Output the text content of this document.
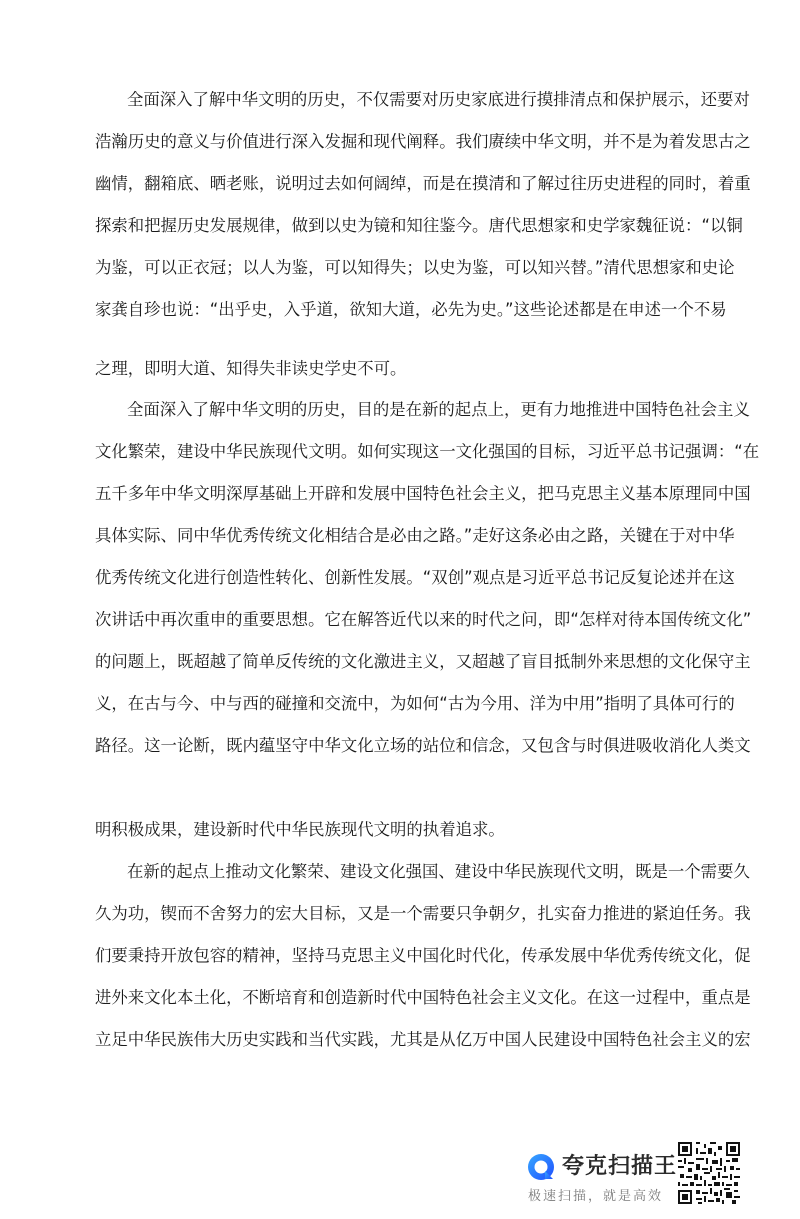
全面深入了解中华文明的历史，不仅需要对历史家底进行摸排清点和保护展示，还要对
浩瀚历史的意义与价值进行深入发掘和现代阐释。我们赓续中华文明，并不是为着发思古之
幽情，翻箱底、晒老账，说明过去如何阔绰，而是在摸清和了解过往历史进程的同时，着重
探索和把握历史发展规律，做到以史为镜和知往鉴今。唐代思想家和史学家魏征说：“以铜
为鉴，可以正衣冠；以人为鉴，可以知得失；以史为鉴，可以知兴替。”清代思想家和史论
家龚自珍也说：“出乎史，入乎道，欲知大道，必先为史。”这些论述都是在申述一个不易
之理，即明大道、知得失非读史学史不可。
全面深入了解中华文明的历史，目的是在新的起点上，更有力地推进中国特色社会主义
文化繁荣，建设中华民族现代文明。如何实现这一文化强国的目标，习近平总书记强调：“在
五千多年中华文明深厚基础上开辟和发展中国特色社会主义，把马克思主义基本原理同中国
具体实际、同中华优秀传统文化相结合是必由之路。”走好这条必由之路，关键在于对中华
优秀传统文化进行创造性转化、创新性发展。“双创”观点是习近平总书记反复论述并在这
次讲话中再次重申的重要思想。它在解答近代以来的时代之问，即“怎样对待本国传统文化”
的问题上，既超越了简单反传统的文化激进主义，又超越了盲目抵制外来思想的文化保守主
义，在古与今、中与西的碰撞和交流中，为如何“古为今用、洋为中用”指明了具体可行的
路径。这一论断，既内蕴坚守中华文化立场的站位和信念，又包含与时俱进吸收消化人类文
明积极成果，建设新时代中华民族现代文明的执着追求。
在新的起点上推动文化繁荣、建设文化强国、建设中华民族现代文明，既是一个需要久
久为功，锲而不舍努力的宏大目标，又是一个需要只争朝夕，扎实奋力推进的紧迫任务。我
们要秉持开放包容的精神，坚持马克思主义中国化时代化，传承发展中华优秀传统文化，促
进外来文化本土化，不断培育和创造新时代中国特色社会主义文化。在这一过程中，重点是
立足中华民族伟大历史实践和当代实践，尤其是从亿万中国人民建设中国特色社会主义的宏
夸克扫描王
极速扫描，就是高效
